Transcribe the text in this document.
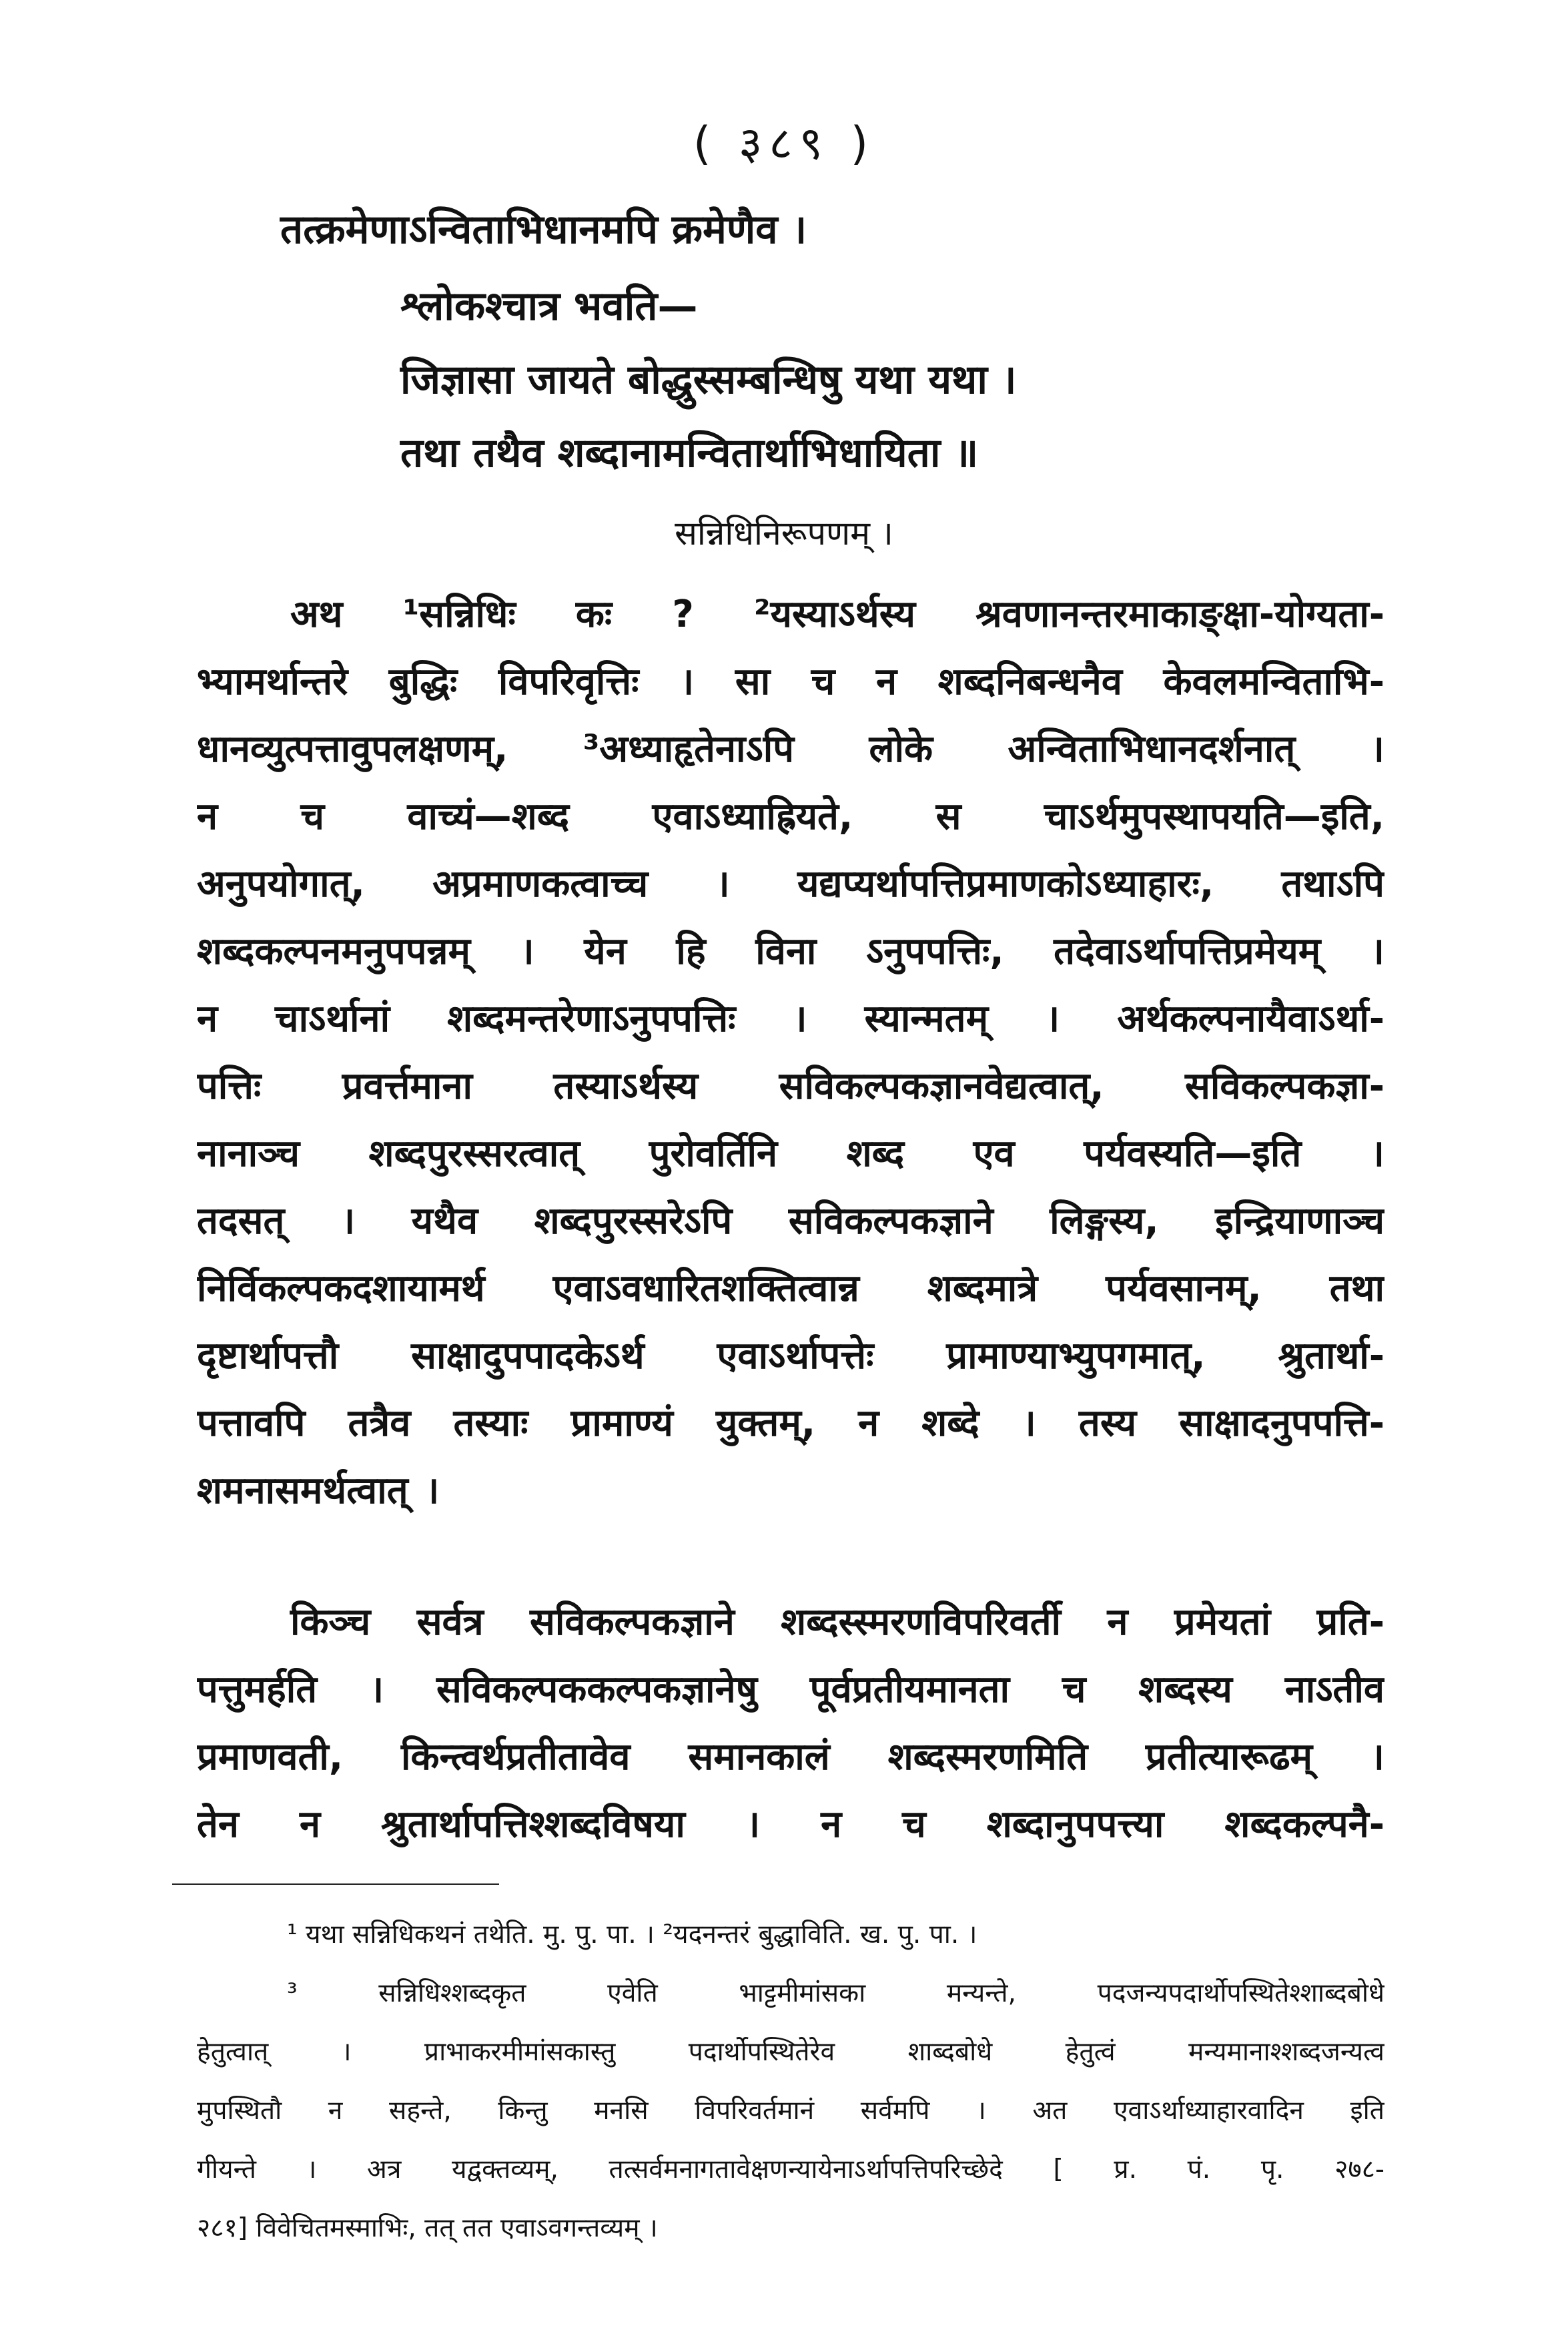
( ३८९ )
तत्क्रमेणाऽन्विताभिधानमपि क्रमेणैव ।
श्लोकश्चात्र भवति—
जिज्ञासा जायते बोद्धुस्सम्बन्धिषु यथा यथा ।
तथा तथैव शब्दानामन्वितार्थाभिधायिता ॥
सन्निधिनिरूपणम् ।
अथ ¹सन्निधिः कः ? ²यस्याऽर्थस्य श्रवणानन्तरमाकाङ्क्षा-योग्यता-
भ्यामर्थान्तरे बुद्धिः विपरिवृत्तिः । सा च न शब्दनिबन्धनैव केवलमन्विताभि-
धानव्युत्पत्तावुपलक्षणम्, ³अध्याहृतेनाऽपि लोके अन्विताभिधानदर्शनात् ।
न च वाच्यं—शब्द एवाऽध्याह्रियते, स चाऽर्थमुपस्थापयति—इति,
अनुपयोगात्, अप्रमाणकत्वाच्च । यद्यप्यर्थापत्तिप्रमाणकोऽध्याहारः, तथाऽपि
शब्दकल्पनमनुपपन्नम् । येन हि विना ऽनुपपत्तिः, तदेवाऽर्थापत्तिप्रमेयम् ।
न चाऽर्थानां शब्दमन्तरेणाऽनुपपत्तिः । स्यान्मतम् । अर्थकल्पनायैवाऽर्था-
पत्तिः प्रवर्त्तमाना तस्याऽर्थस्य सविकल्पकज्ञानवेद्यत्वात्, सविकल्पकज्ञा-
नानाञ्च शब्दपुरस्सरत्वात् पुरोवर्तिनि शब्द एव पर्यवस्यति—इति ।
तदसत् । यथैव शब्दपुरस्सरेऽपि सविकल्पकज्ञाने लिङ्गस्य, इन्द्रियाणाञ्च
निर्विकल्पकदशायामर्थ एवाऽवधारितशक्तित्वान्न शब्दमात्रे पर्यवसानम्, तथा
दृष्टार्थापत्तौ साक्षादुपपादकेऽर्थ एवाऽर्थापत्तेः प्रामाण्याभ्युपगमात्, श्रुतार्था-
पत्तावपि तत्रैव तस्याः प्रामाण्यं युक्तम्, न शब्दे । तस्य साक्षादनुपपत्ति-
शमनासमर्थत्वात् ।
किञ्च सर्वत्र सविकल्पकज्ञाने शब्दस्स्मरणविपरिवर्ती न प्रमेयतां प्रति-
पत्तुमर्हति । सविकल्पककल्पकज्ञानेषु पूर्वप्रतीयमानता च शब्दस्य नाऽतीव
प्रमाणवती, किन्त्वर्थप्रतीतावेव समानकालं शब्दस्मरणमिति प्रतीत्यारूढम् ।
तेन न श्रुतार्थापत्तिश्शब्दविषया । न च शब्दानुपपत्त्या शब्दकल्पनै-
¹ यथा सन्निधिकथनं तथेति. मु. पु. पा. । ²यदनन्तरं बुद्धाविति. ख. पु. पा. ।
³ सन्निधिश्शब्दकृत एवेति भाट्टमीमांसका मन्यन्ते, पदजन्यपदार्थोपस्थितेश्शाब्दबोधे
हेतुत्वात् । प्राभाकरमीमांसकास्तु पदार्थोपस्थितेरेव शाब्दबोधे हेतुत्वं मन्यमानाश्शब्दजन्यत्व
मुपस्थितौ न सहन्ते, किन्तु मनसि विपरिवर्तमानं सर्वमपि । अत एवाऽर्थाध्याहारवादिन इति
गीयन्ते । अत्र यद्वक्तव्यम्, तत्सर्वमनागतावेक्षणन्यायेनाऽर्थापत्तिपरिच्छेदे [ प्र. पं. पृ. २७८-
२८१] विवेचितमस्माभिः, तत् तत एवाऽवगन्तव्यम् ।
